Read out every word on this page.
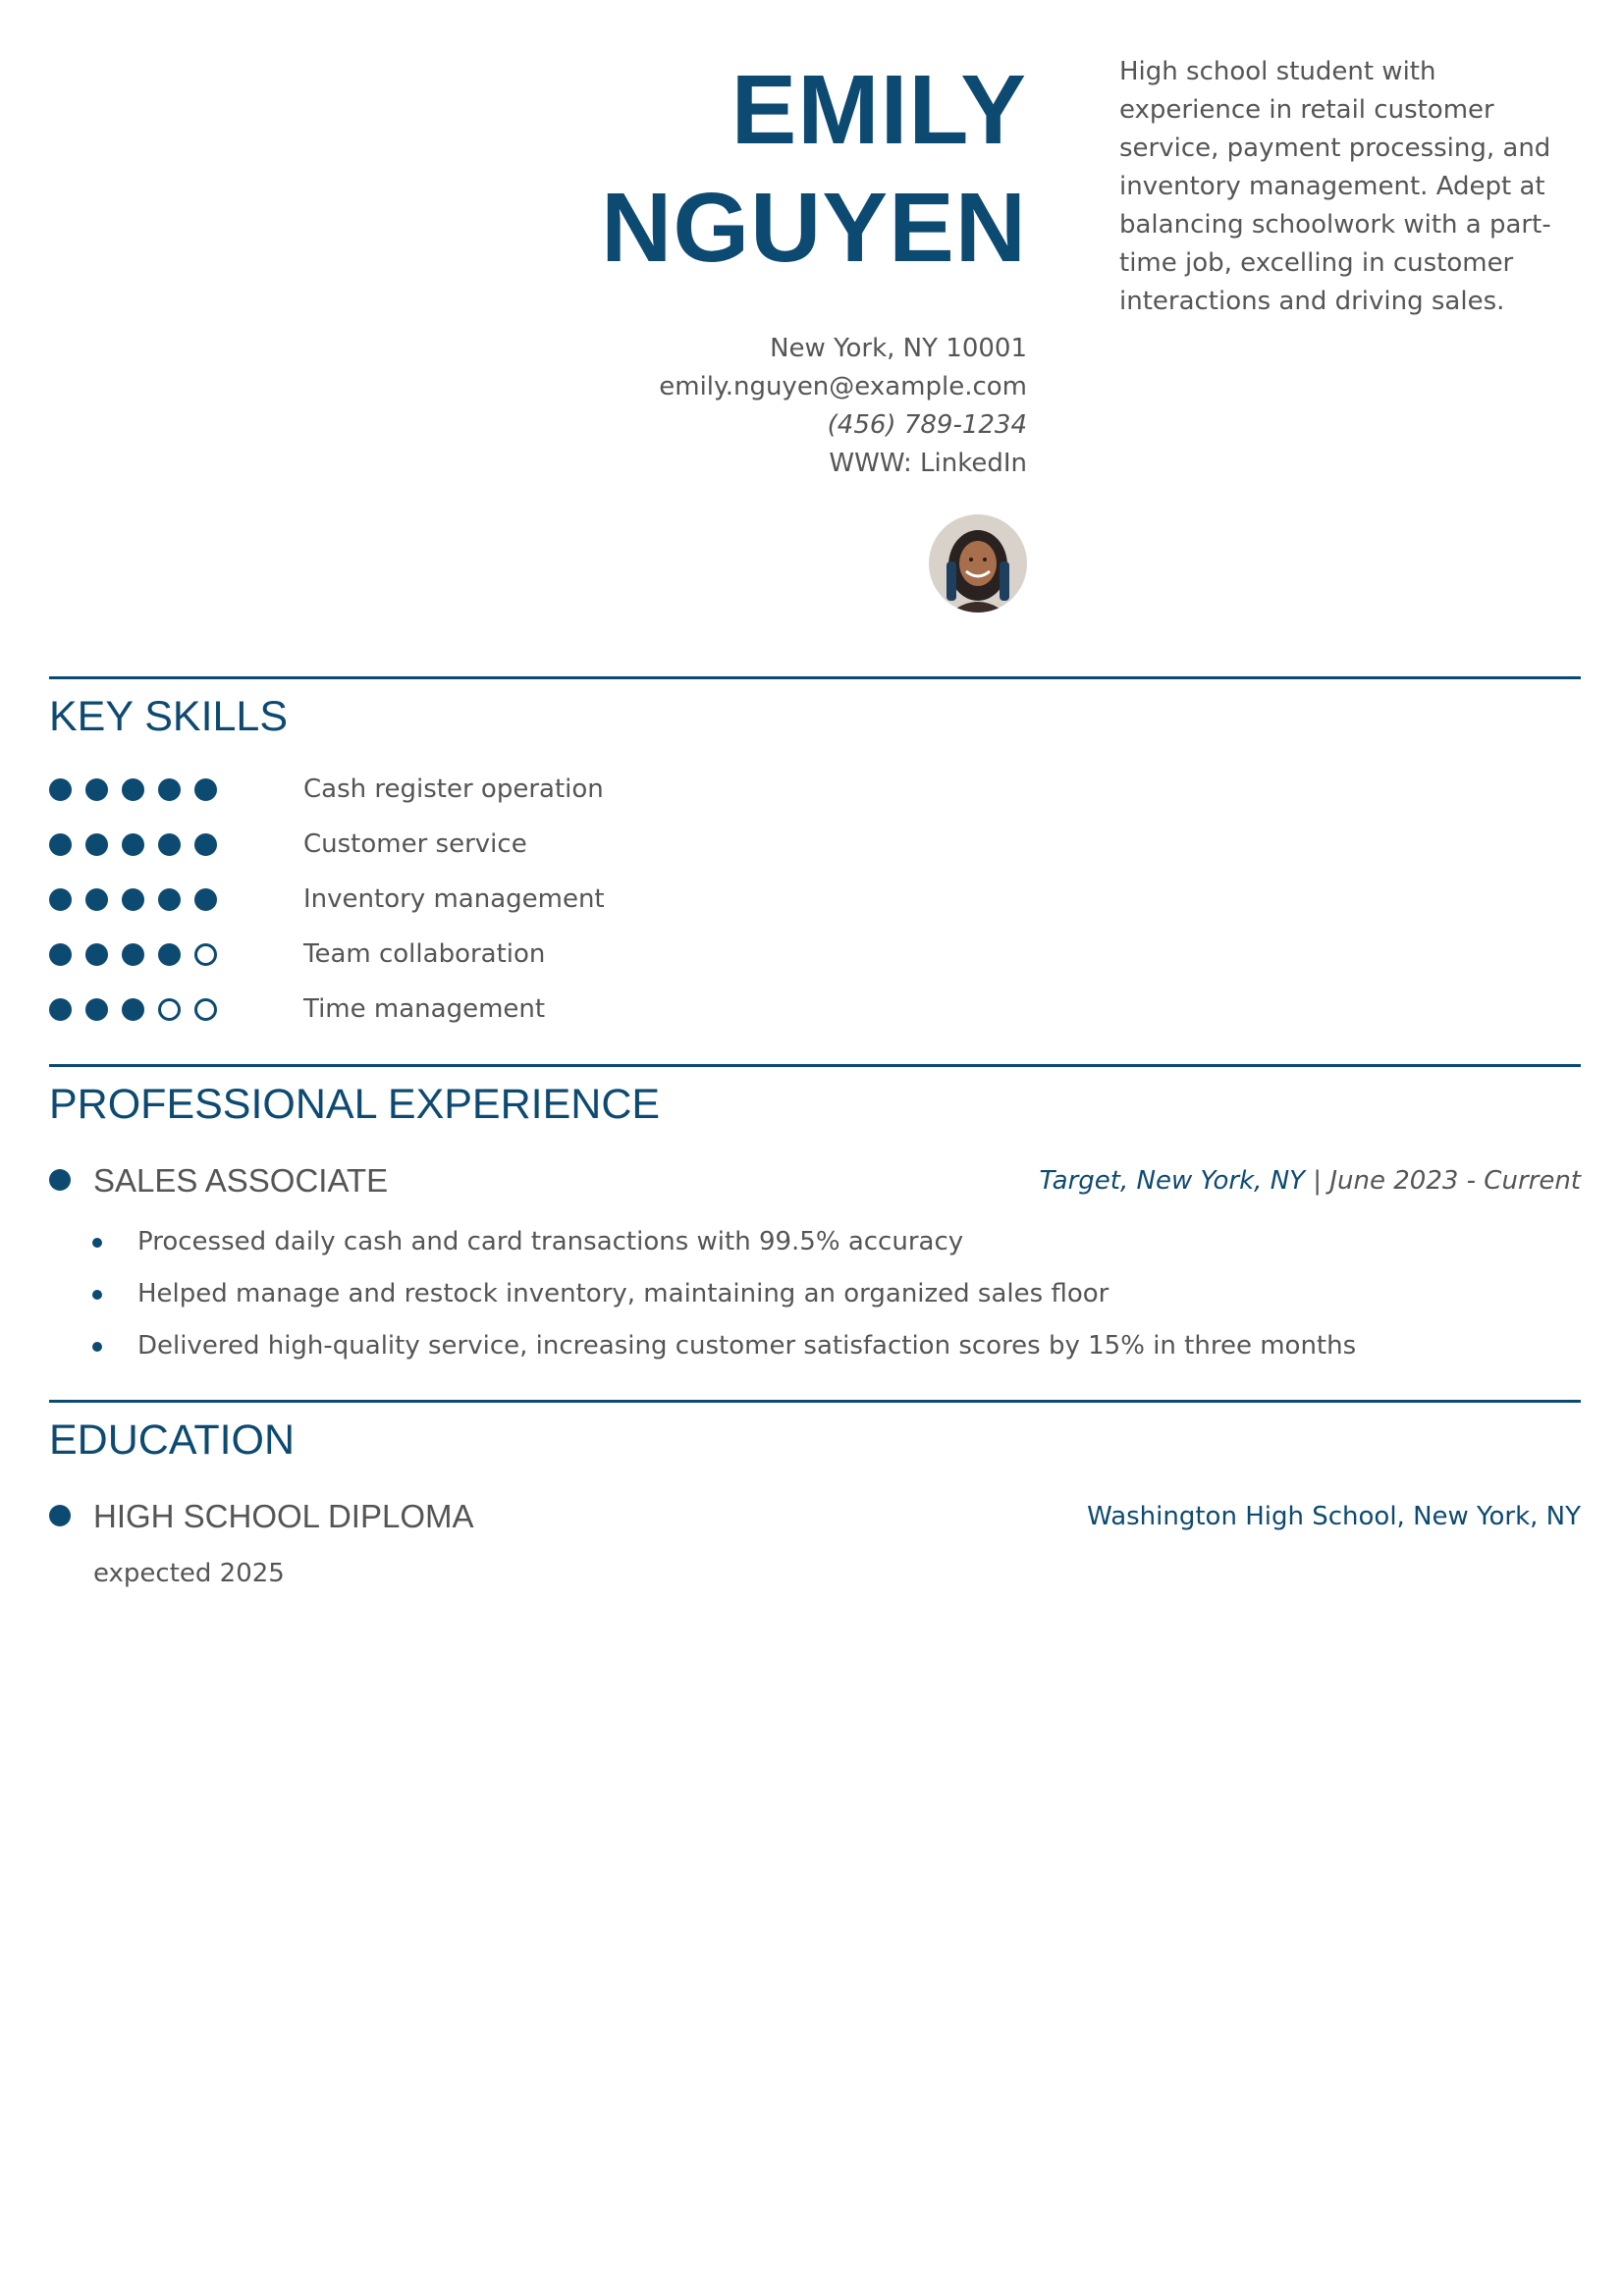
EMILY
NGUYEN
New York, NY 10001
emily.nguyen@example.com
(456) 789-1234
WWW: LinkedIn
High school student with experience in retail customer service, payment processing, and inventory management. Adept at balancing schoolwork with a part-time job, excelling in customer interactions and driving sales.
KEY SKILLS
Cash register operation
Customer service
Inventory management
Team collaboration
Time management
PROFESSIONAL EXPERIENCE
SALES ASSOCIATE	Target, New York, NY | June 2023 - Current
Processed daily cash and card transactions with 99.5% accuracy
Helped manage and restock inventory, maintaining an organized sales floor
Delivered high-quality service, increasing customer satisfaction scores by 15% in three months
EDUCATION
HIGH SCHOOL DIPLOMA	Washington High School, New York, NY
expected 2025
